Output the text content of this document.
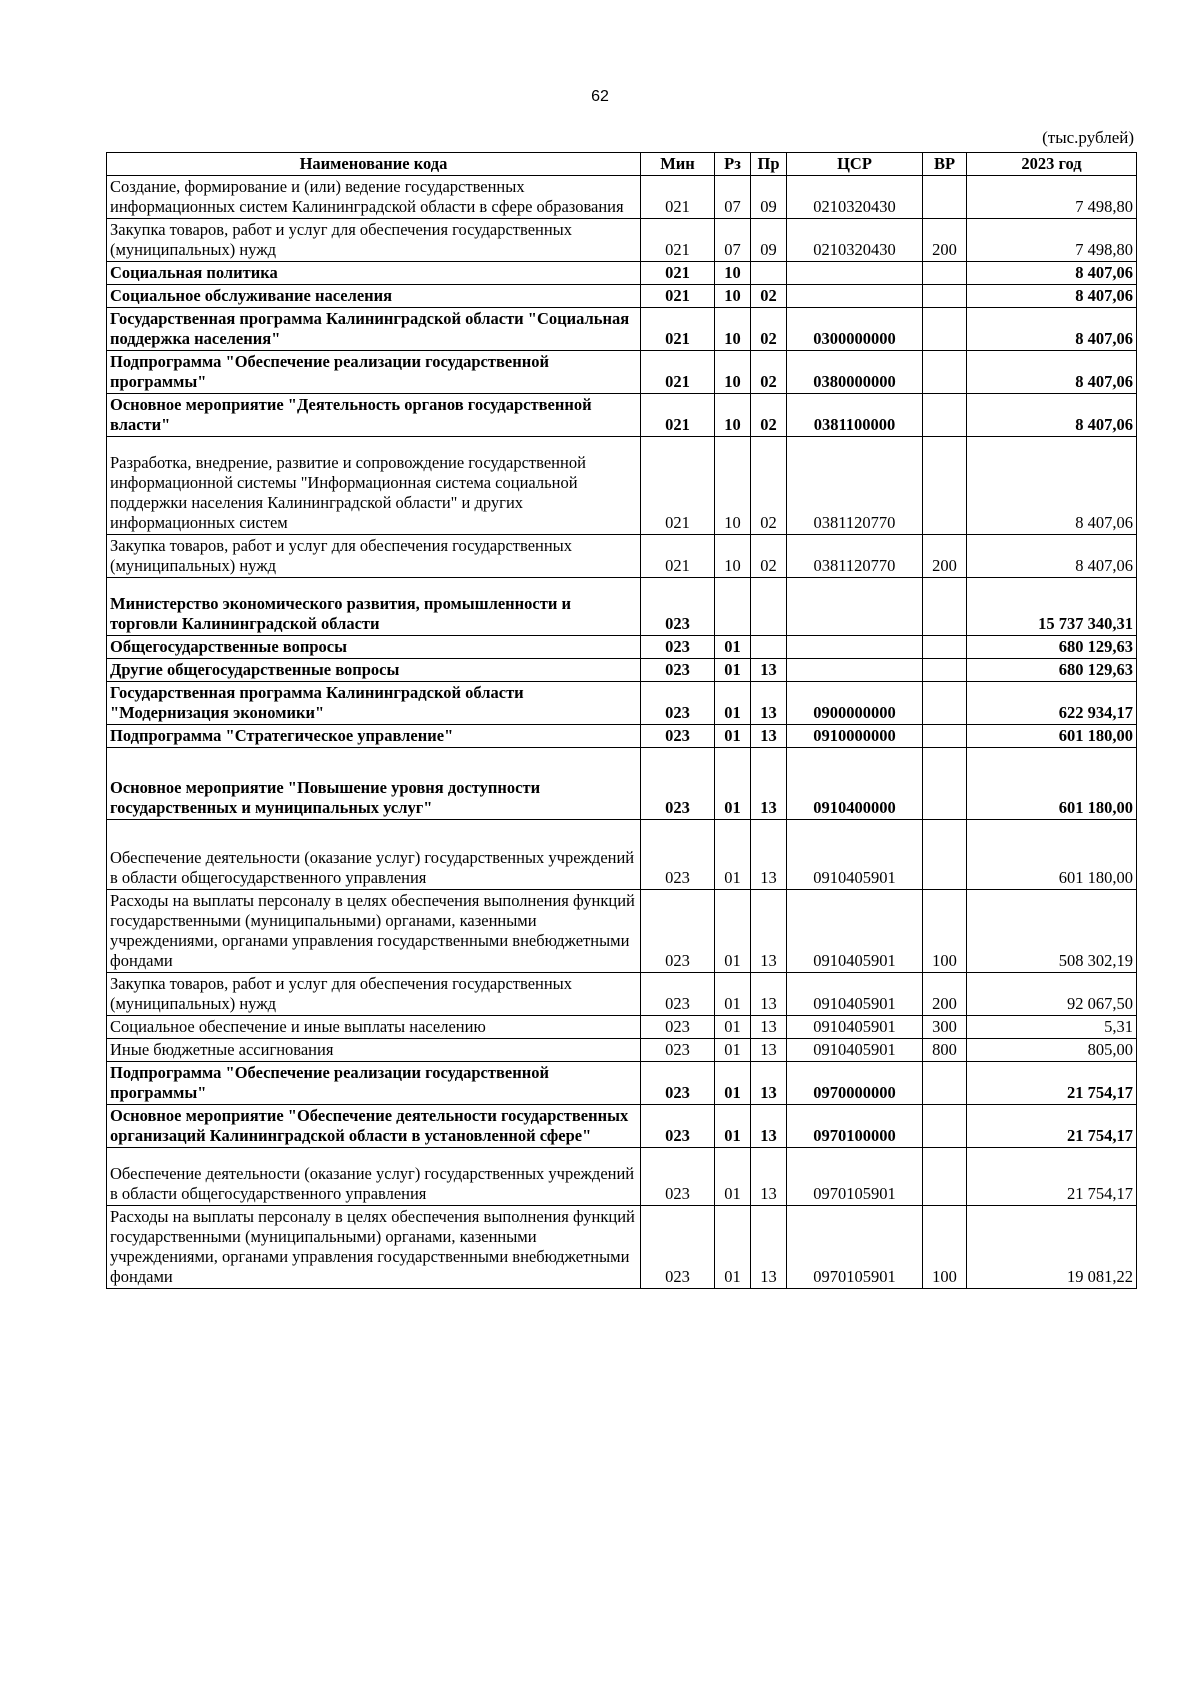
62
(тыс.рублей)
Наименование кода	Мин	Рз	Пр	ЦСР	ВР	2023 год
Создание, формирование и (или) ведение государственных информационных систем Калининградской области в сфере образования	021	07	09	0210320430		7 498,80
Закупка товаров, работ и услуг для обеспечения государственных (муниципальных) нужд	021	07	09	0210320430	200	7 498,80
Социальная политика	021	10				8 407,06
Социальное обслуживание населения	021	10	02			8 407,06
Государственная программа Калининградской области "Социальная поддержка населения"	021	10	02	0300000000		8 407,06
Подпрограмма "Обеспечение реализации государственной программы"	021	10	02	0380000000		8 407,06
Основное мероприятие "Деятельность органов государственной власти"	021	10	02	0381100000		8 407,06
Разработка, внедрение, развитие и сопровождение государственной информационной системы "Информационная система социальной поддержки населения Калининградской области" и других информационных систем	021	10	02	0381120770		8 407,06
Закупка товаров, работ и услуг для обеспечения государственных (муниципальных) нужд	021	10	02	0381120770	200	8 407,06
Министерство экономического развития, промышленности и торговли Калининградской области	023					15 737 340,31
Общегосударственные вопросы	023	01				680 129,63
Другие общегосударственные вопросы	023	01	13			680 129,63
Государственная программа Калининградской области "Модернизация экономики"	023	01	13	0900000000		622 934,17
Подпрограмма "Стратегическое управление"	023	01	13	0910000000		601 180,00
Основное мероприятие "Повышение уровня доступности государственных и муниципальных услуг"	023	01	13	0910400000		601 180,00
Обеспечение деятельности (оказание услуг) государственных учреждений в области общегосударственного управления	023	01	13	0910405901		601 180,00
Расходы на выплаты персоналу в целях обеспечения выполнения функций государственными (муниципальными) органами, казенными учреждениями, органами управления государственными внебюджетными фондами	023	01	13	0910405901	100	508 302,19
Закупка товаров, работ и услуг для обеспечения государственных (муниципальных) нужд	023	01	13	0910405901	200	92 067,50
Социальное обеспечение и иные выплаты населению	023	01	13	0910405901	300	5,31
Иные бюджетные ассигнования	023	01	13	0910405901	800	805,00
Подпрограмма "Обеспечение реализации государственной программы"	023	01	13	0970000000		21 754,17
Основное мероприятие "Обеспечение деятельности государственных организаций Калининградской области в установленной сфере"	023	01	13	0970100000		21 754,17
Обеспечение деятельности (оказание услуг) государственных учреждений в области общегосударственного управления	023	01	13	0970105901		21 754,17
Расходы на выплаты персоналу в целях обеспечения выполнения функций государственными (муниципальными) органами, казенными учреждениями, органами управления государственными внебюджетными фондами	023	01	13	0970105901	100	19 081,22
